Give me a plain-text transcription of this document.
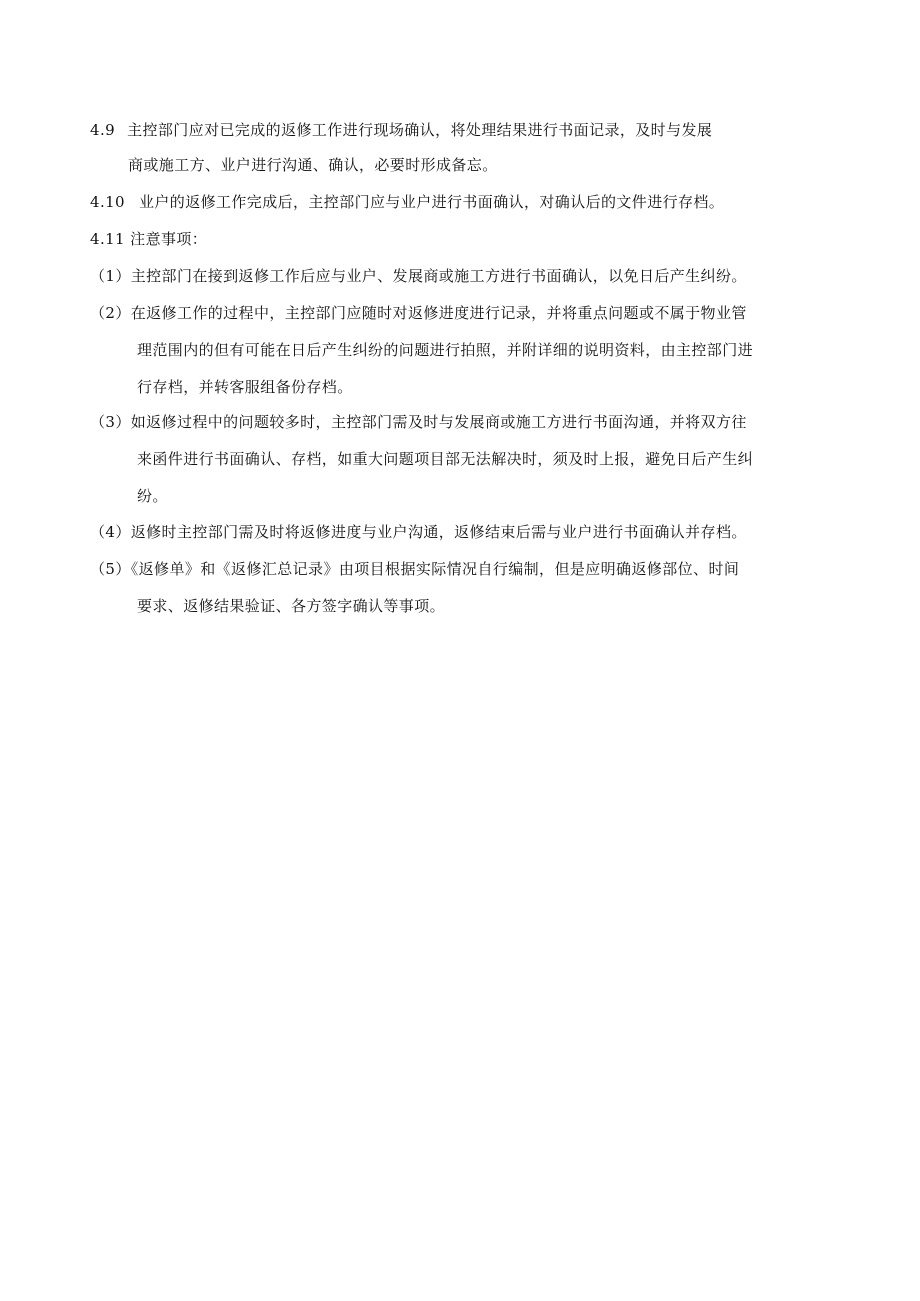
4.9 主控部门应对已完成的返修工作进行现场确认，将处理结果进行书面记录，及时与发展
商或施工方、业户进行沟通、确认，必要时形成备忘。
4.10 业户的返修工作完成后，主控部门应与业户进行书面确认，对确认后的文件进行存档。
4.11 注意事项：
（1）主控部门在接到返修工作后应与业户、发展商或施工方进行书面确认，以免日后产生纠纷。
（2）在返修工作的过程中，主控部门应随时对返修进度进行记录，并将重点问题或不属于物业管
理范围内的但有可能在日后产生纠纷的问题进行拍照，并附详细的说明资料，由主控部门进
行存档，并转客服组备份存档。
（3）如返修过程中的问题较多时，主控部门需及时与发展商或施工方进行书面沟通，并将双方往
来函件进行书面确认、存档，如重大问题项目部无法解决时，须及时上报，避免日后产生纠
纷。
（4）返修时主控部门需及时将返修进度与业户沟通，返修结束后需与业户进行书面确认并存档。
（5）《返修单》和《返修汇总记录》由项目根据实际情况自行编制，但是应明确返修部位、时间
要求、返修结果验证、各方签字确认等事项。
